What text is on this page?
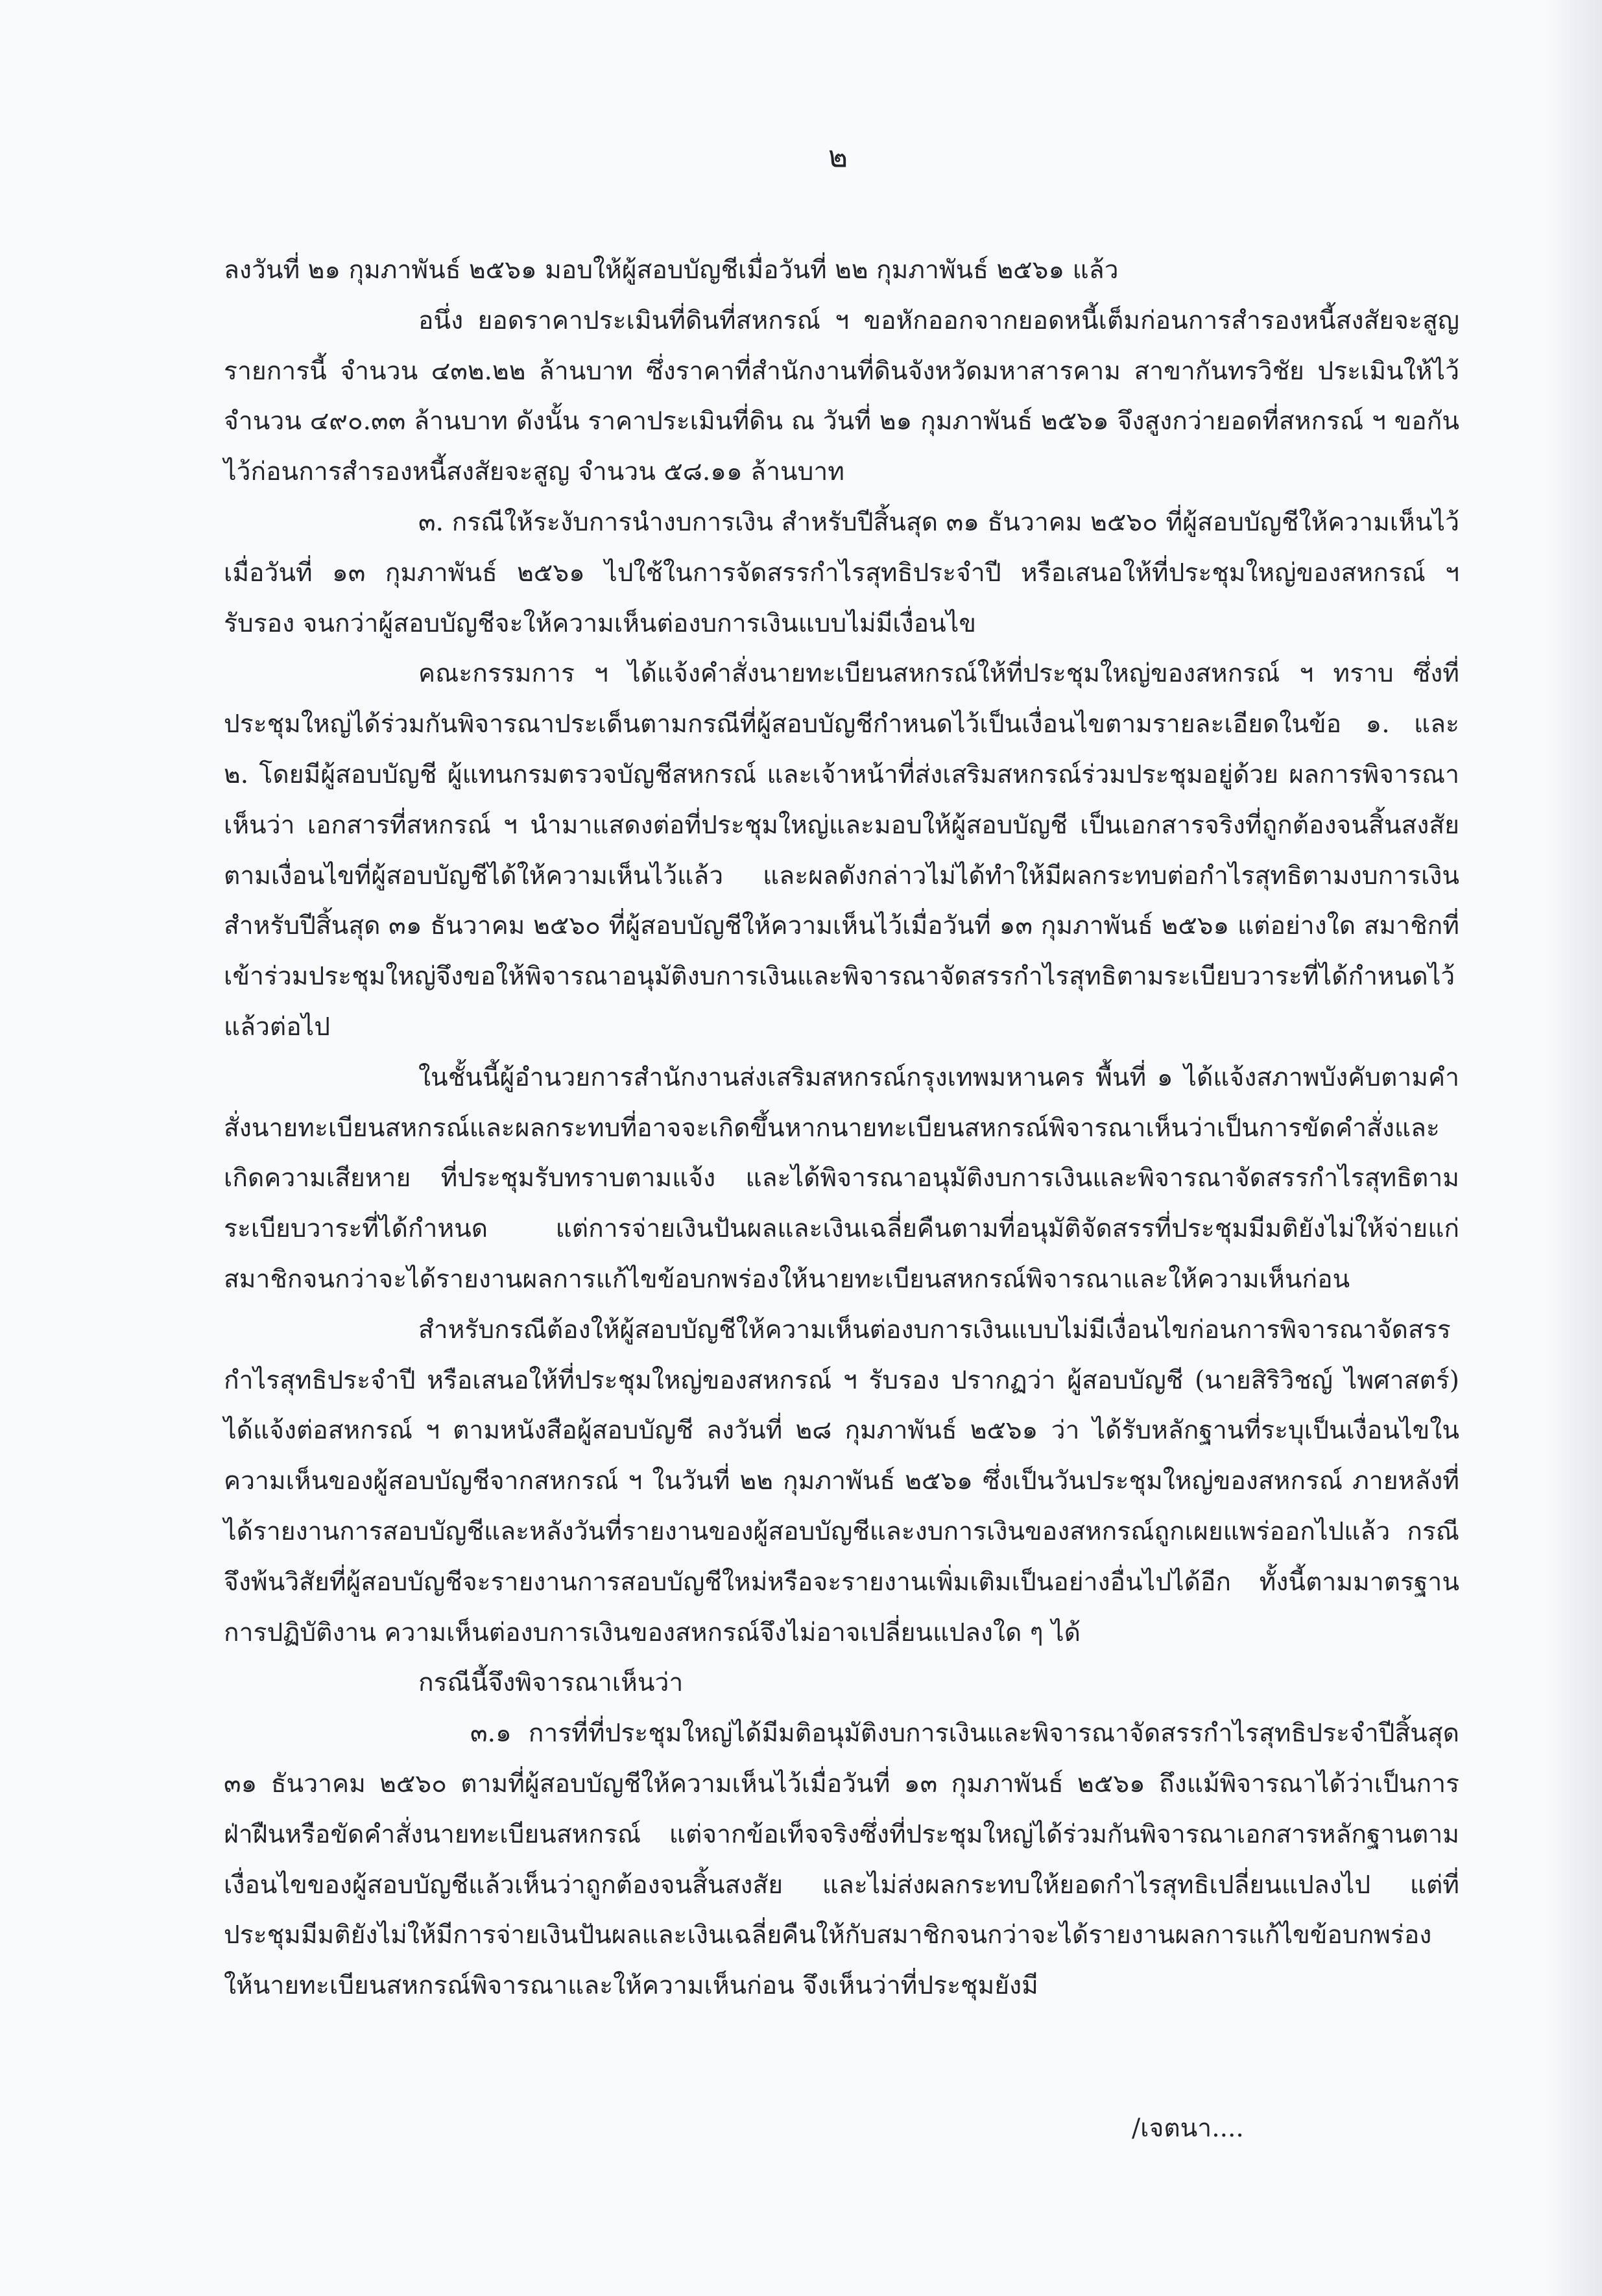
๒

ลงวันที่ ๒๑ กุมภาพันธ์ ๒๕๖๑ มอบให้ผู้สอบบัญชีเมื่อวันที่ ๒๒ กุมภาพันธ์ ๒๕๖๑ แล้ว

อนึ่ง ยอดราคาประเมินที่ดินที่สหกรณ์ ฯ ขอหักออกจากยอดหนี้เต็มก่อนการสำรองหนี้สงสัยจะสูญรายการนี้ จำนวน ๔๓๒.๒๒ ล้านบาท ซึ่งราคาที่สำนักงานที่ดินจังหวัดมหาสารคาม สาขากันทรวิชัย ประเมินให้ไว้ จำนวน ๔๙๐.๓๓ ล้านบาท ดังนั้น ราคาประเมินที่ดิน ณ วันที่ ๒๑ กุมภาพันธ์ ๒๕๖๑ จึงสูงกว่ายอดที่สหกรณ์ ฯ ขอกันไว้ก่อนการสำรองหนี้สงสัยจะสูญ จำนวน ๕๘.๑๑ ล้านบาท

๓. กรณีให้ระงับการนำงบการเงิน สำหรับปีสิ้นสุด ๓๑ ธันวาคม ๒๕๖๐ ที่ผู้สอบบัญชีให้ความเห็นไว้เมื่อวันที่ ๑๓ กุมภาพันธ์ ๒๕๖๑ ไปใช้ในการจัดสรรกำไรสุทธิประจำปี หรือเสนอให้ที่ประชุมใหญ่ของสหกรณ์ ฯ รับรอง จนกว่าผู้สอบบัญชีจะให้ความเห็นต่องบการเงินแบบไม่มีเงื่อนไข

คณะกรรมการ ฯ ได้แจ้งคำสั่งนายทะเบียนสหกรณ์ให้ที่ประชุมใหญ่ของสหกรณ์ ฯ ทราบ ซึ่งที่ประชุมใหญ่ได้ร่วมกันพิจารณาประเด็นตามกรณีที่ผู้สอบบัญชีกำหนดไว้เป็นเงื่อนไขตามรายละเอียดในข้อ ๑. และ ๒. โดยมีผู้สอบบัญชี ผู้แทนกรมตรวจบัญชีสหกรณ์ และเจ้าหน้าที่ส่งเสริมสหกรณ์ร่วมประชุมอยู่ด้วย ผลการพิจารณาเห็นว่า เอกสารที่สหกรณ์ ฯ นำมาแสดงต่อที่ประชุมใหญ่และมอบให้ผู้สอบบัญชี เป็นเอกสารจริงที่ถูกต้องจนสิ้นสงสัยตามเงื่อนไขที่ผู้สอบบัญชีได้ให้ความเห็นไว้แล้ว และผลดังกล่าวไม่ได้ทำให้มีผลกระทบต่อกำไรสุทธิตามงบการเงิน สำหรับปีสิ้นสุด ๓๑ ธันวาคม ๒๕๖๐ ที่ผู้สอบบัญชีให้ความเห็นไว้เมื่อวันที่ ๑๓ กุมภาพันธ์ ๒๕๖๑ แต่อย่างใด สมาชิกที่เข้าร่วมประชุมใหญ่จึงขอให้พิจารณาอนุมัติงบการเงินและพิจารณาจัดสรรกำไรสุทธิตามระเบียบวาระที่ได้กำหนดไว้แล้วต่อไป

ในชั้นนี้ผู้อำนวยการสำนักงานส่งเสริมสหกรณ์กรุงเทพมหานคร พื้นที่ ๑ ได้แจ้งสภาพบังคับตามคำสั่งนายทะเบียนสหกรณ์และผลกระทบที่อาจจะเกิดขึ้นหากนายทะเบียนสหกรณ์พิจารณาเห็นว่าเป็นการขัดคำสั่งและเกิดความเสียหาย ที่ประชุมรับทราบตามแจ้ง และได้พิจารณาอนุมัติงบการเงินและพิจารณาจัดสรรกำไรสุทธิตามระเบียบวาระที่ได้กำหนด แต่การจ่ายเงินปันผลและเงินเฉลี่ยคืนตามที่อนุมัติจัดสรรที่ประชุมมีมติยังไม่ให้จ่ายแก่สมาชิกจนกว่าจะได้รายงานผลการแก้ไขข้อบกพร่องให้นายทะเบียนสหกรณ์พิจารณาและให้ความเห็นก่อน

สำหรับกรณีต้องให้ผู้สอบบัญชีให้ความเห็นต่องบการเงินแบบไม่มีเงื่อนไขก่อนการพิจารณาจัดสรรกำไรสุทธิประจำปี หรือเสนอให้ที่ประชุมใหญ่ของสหกรณ์ ฯ รับรอง ปรากฏว่า ผู้สอบบัญชี (นายสิริวิชญ์ ไพศาสตร์) ได้แจ้งต่อสหกรณ์ ฯ ตามหนังสือผู้สอบบัญชี ลงวันที่ ๒๘ กุมภาพันธ์ ๒๕๖๑ ว่า ได้รับหลักฐานที่ระบุเป็นเงื่อนไขในความเห็นของผู้สอบบัญชีจากสหกรณ์ ฯ ในวันที่ ๒๒ กุมภาพันธ์ ๒๕๖๑ ซึ่งเป็นวันประชุมใหญ่ของสหกรณ์ ภายหลังที่ได้รายงานการสอบบัญชีและหลังวันที่รายงานของผู้สอบบัญชีและงบการเงินของสหกรณ์ถูกเผยแพร่ออกไปแล้ว กรณีจึงพ้นวิสัยที่ผู้สอบบัญชีจะรายงานการสอบบัญชีใหม่หรือจะรายงานเพิ่มเติมเป็นอย่างอื่นไปได้อีก ทั้งนี้ตามมาตรฐานการปฏิบัติงาน ความเห็นต่องบการเงินของสหกรณ์จึงไม่อาจเปลี่ยนแปลงใด ๆ ได้

กรณีนี้จึงพิจารณาเห็นว่า

๓.๑ การที่ที่ประชุมใหญ่ได้มีมติอนุมัติงบการเงินและพิจารณาจัดสรรกำไรสุทธิประจำปีสิ้นสุด ๓๑ ธันวาคม ๒๕๖๐ ตามที่ผู้สอบบัญชีให้ความเห็นไว้เมื่อวันที่ ๑๓ กุมภาพันธ์ ๒๕๖๑ ถึงแม้พิจารณาได้ว่าเป็นการฝ่าฝืนหรือขัดคำสั่งนายทะเบียนสหกรณ์ แต่จากข้อเท็จจริงซึ่งที่ประชุมใหญ่ได้ร่วมกันพิจารณาเอกสารหลักฐานตามเงื่อนไขของผู้สอบบัญชีแล้วเห็นว่าถูกต้องจนสิ้นสงสัย และไม่ส่งผลกระทบให้ยอดกำไรสุทธิเปลี่ยนแปลงไป แต่ที่ประชุมมีมติยังไม่ให้มีการจ่ายเงินปันผลและเงินเฉลี่ยคืนให้กับสมาชิกจนกว่าจะได้รายงานผลการแก้ไขข้อบกพร่องให้นายทะเบียนสหกรณ์พิจารณาและให้ความเห็นก่อน จึงเห็นว่าที่ประชุมยังมี

/เจตนา....
